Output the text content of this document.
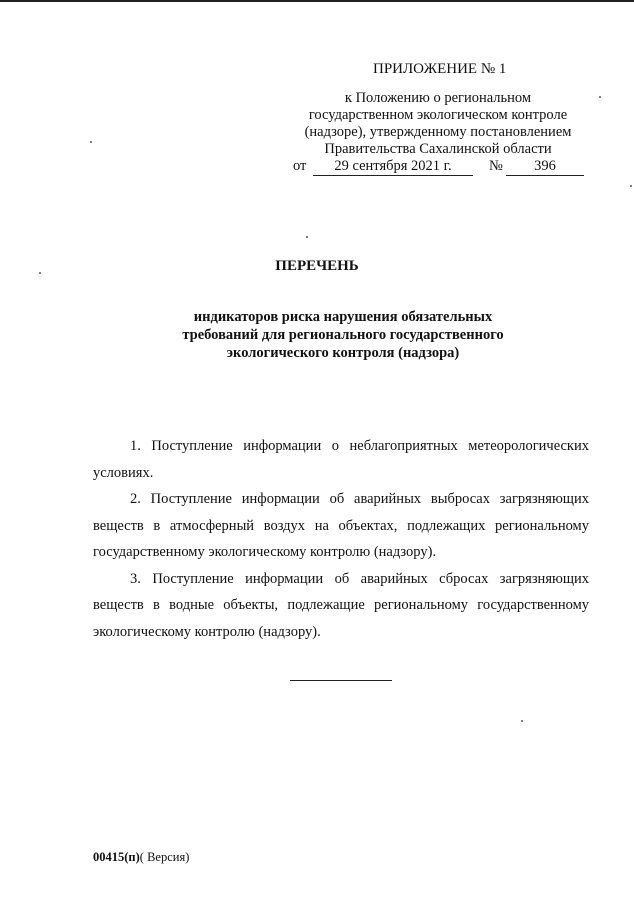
ПРИЛОЖЕНИЕ № 1
к Положению о региональном
государственном экологическом контроле
(надзоре), утвержденному постановлением
Правительства Сахалинской области
от	29 сентября 2021 г.	№	396
ПЕРЕЧЕНЬ
индикаторов риска нарушения обязательных
требований для регионального государственного
экологического контроля (надзора)

1. Поступление информации о неблагоприятных метеорологических условиях.

2. Поступление информации об аварийных выбросах загрязняющих веществ в атмосферный воздух на объектах, подлежащих региональному государственному экологическому контролю (надзору).

3. Поступление информации об аварийных сбросах загрязняющих веществ в водные объекты, подлежащие региональному государственному экологическому контролю (надзору).

00415(п)( Версия)
